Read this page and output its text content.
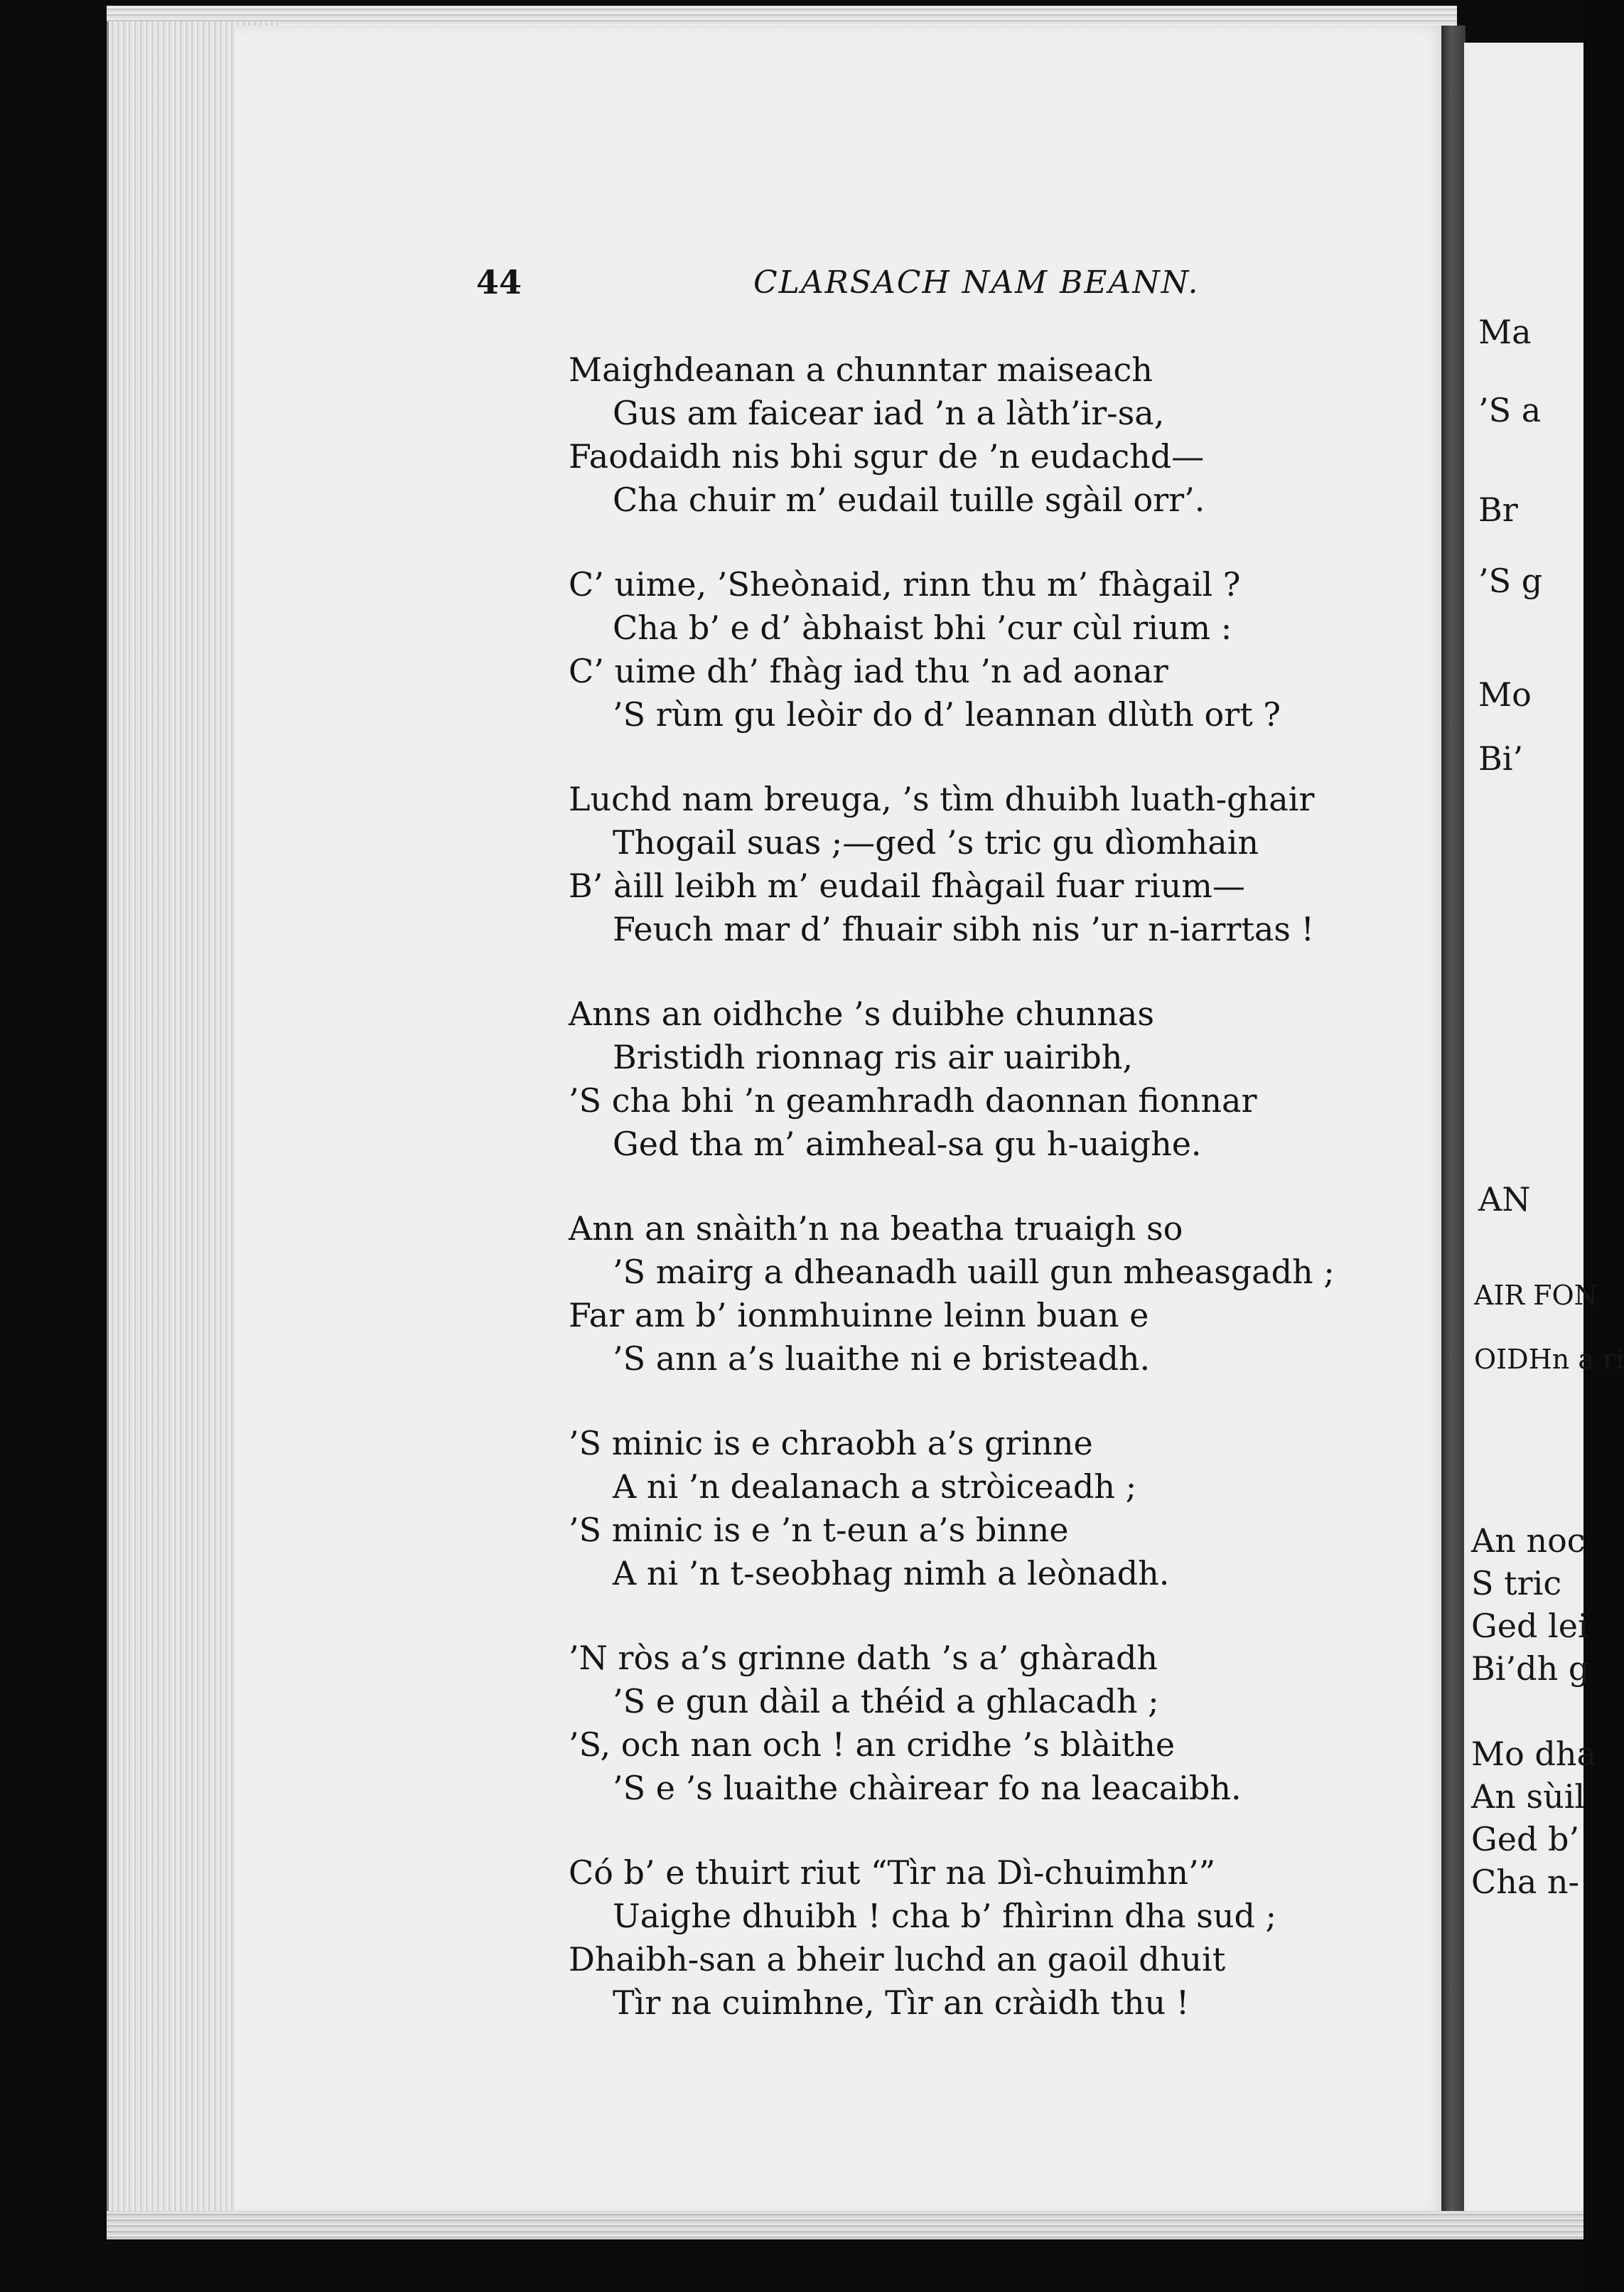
Ma
’S a
Br
’S g
Mo
Bi’
AN
AIR FON
OIDHn a ri
An noc
S tric
Ged lei
Bi’dh g
Mo dha
An sùil
Ged b’
Cha n-
44	CLARSACH NAM BEANN.
Maighdeanan a chunntar maiseach
Gus am faicear iad ’n a làth’ir-sa,
Faodaidh nis bhi sgur de ’n eudachd—
Cha chuir m’ eudail tuille sgàil orr’.
C’ uime, ’Sheònaid, rinn thu m’ fhàgail ?
Cha b’ e d’ àbhaist bhi ’cur cùl rium :
C’ uime dh’ fhàg iad thu ’n ad aonar
’S rùm gu leòir do d’ leannan dlùth ort ?
Luchd nam breuga, ’s tìm dhuibh luath-ghair
Thogail suas ;—ged ’s tric gu dìomhain
B’ àill leibh m’ eudail fhàgail fuar rium—
Feuch mar d’ fhuair sibh nis ’ur n-iarrtas !
Anns an oidhche ’s duibhe chunnas
Bristidh rionnag ris air uairibh,
’S cha bhi ’n geamhradh daonnan fionnar
Ged tha m’ aimheal-sa gu h-uaighe.
Ann an snàith’n na beatha truaigh so
’S mairg a dheanadh uaill gun mheasgadh ;
Far am b’ ionmhuinne leinn buan e
’S ann a’s luaithe ni e bristeadh.
’S minic is e chraobh a’s grinne
A ni ’n dealanach a stròiceadh ;
’S minic is e ’n t-eun a’s binne
A ni ’n t-seobhag nimh a leònadh.
’N ròs a’s grinne dath ’s a’ ghàradh
’S e gun dàil a théid a ghlacadh ;
’S, och nan och ! an cridhe ’s blàithe
’S e ’s luaithe chàirear fo na leacaibh.
Có b’ e thuirt riut “Tìr na Dì-chuimhn’”
Uaighe dhuibh ! cha b’ fhìrinn dha sud ;
Dhaibh-san a bheir luchd an gaoil dhuit
Tìr na cuimhne, Tìr an cràidh thu !
